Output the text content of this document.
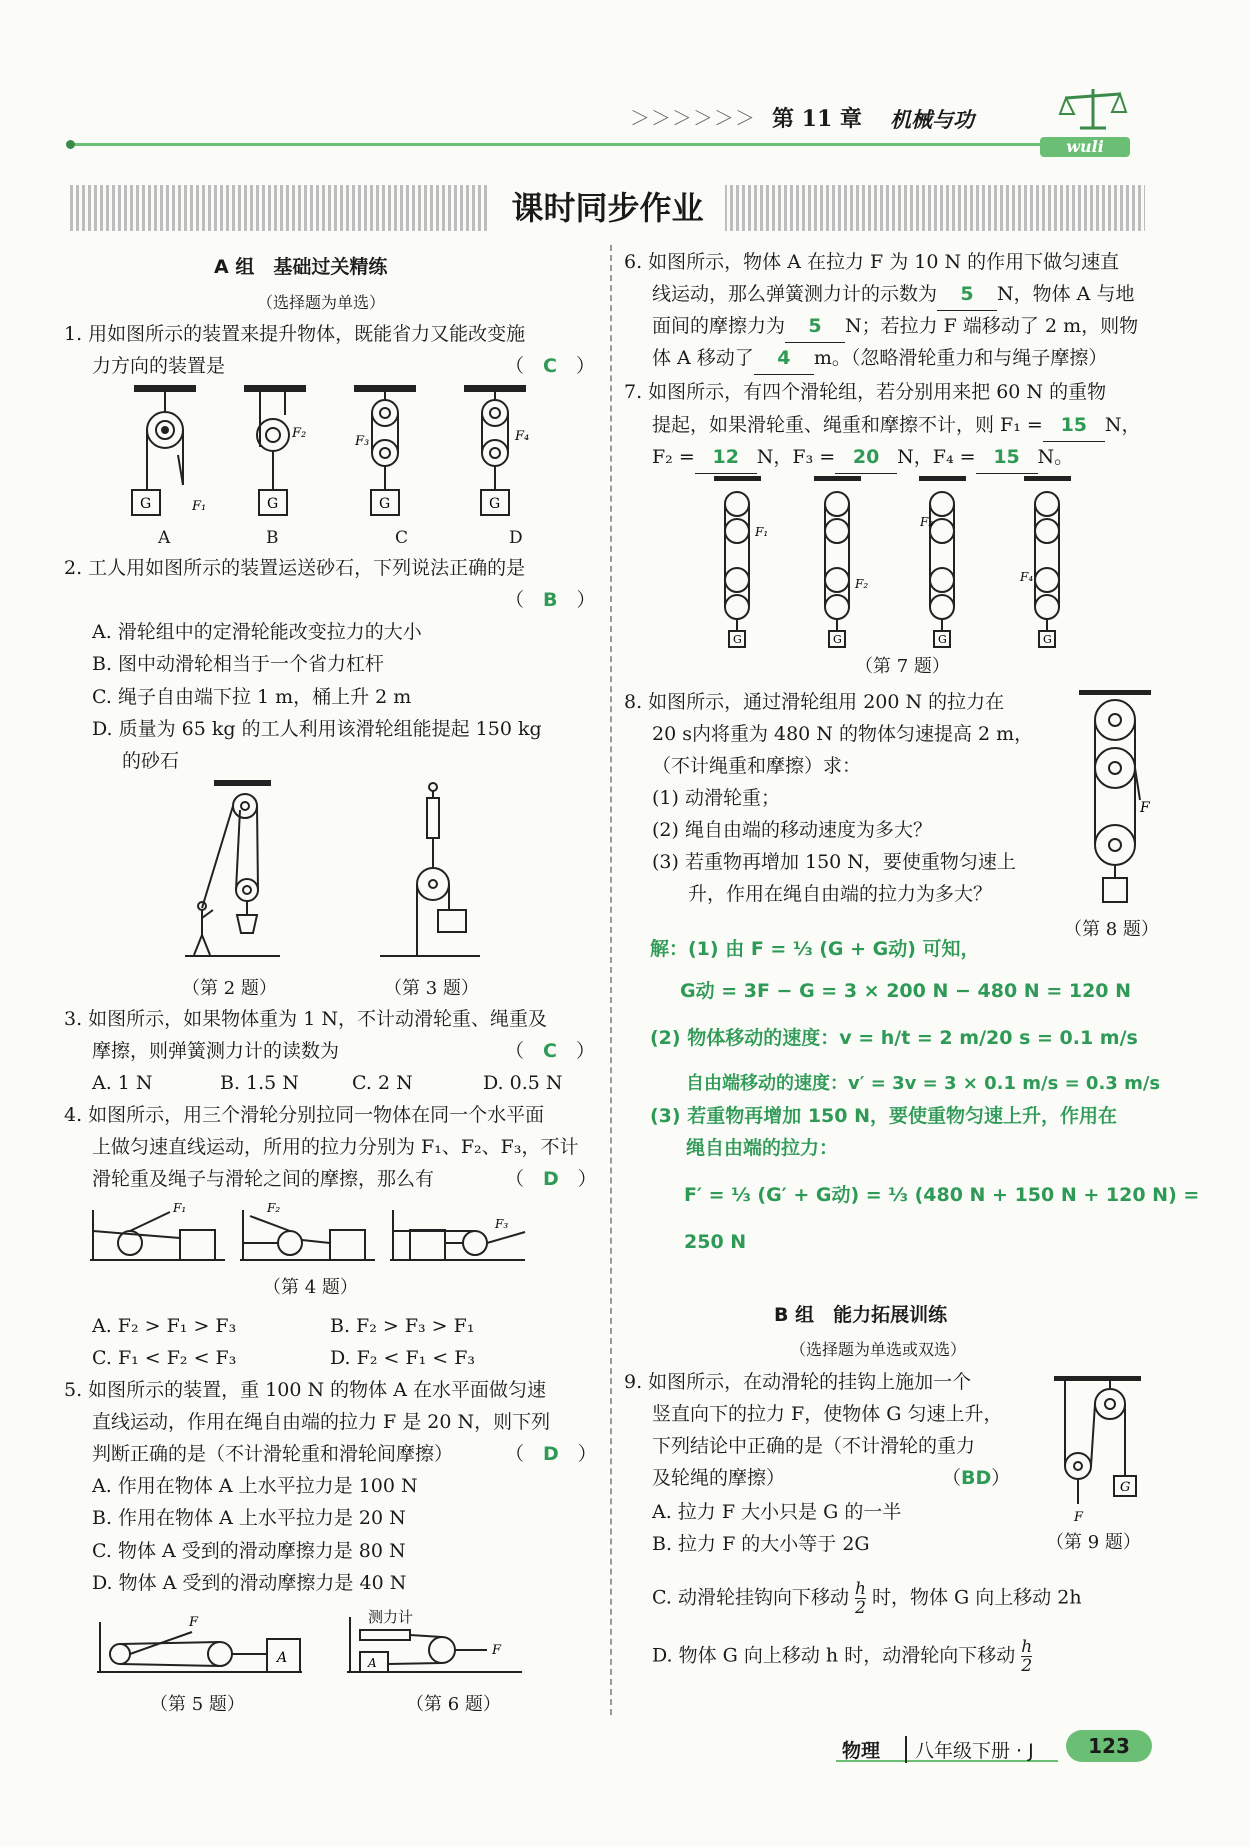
＞＞＞＞＞＞ 第 11 章 机械与功
wuli
课时同步作业
A 组　基础过关精练
（选择题为单选）
1. 用如图所示的装置来提升物体，既能省力又能改变施
力方向的装置是	（　C　）
G	G	G	G
F₁
F₂
F₃	F₄
A	B	C	D
2. 工人用如图所示的装置运送砂石，下列说法正确的是
（　B　）
A. 滑轮组中的定滑轮能改变拉力的大小
B. 图中动滑轮相当于一个省力杠杆
C. 绳子自由端下拉 1 m，桶上升 2 m
D. 质量为 65 kg 的工人利用该滑轮组能提起 150 kg
的砂石
（第 2 题）	（第 3 题）
3. 如图所示，如果物体重为 1 N，不计动滑轮重、绳重及
摩擦，则弹簧测力计的读数为	（　C　）
A. 1 N	B. 1.5 N	C. 2 N	D. 0.5 N
4. 如图所示，用三个滑轮分别拉同一物体在同一个水平面
上做匀速直线运动，所用的拉力分别为 F₁、F₂、F₃，不计
滑轮重及绳子与滑轮之间的摩擦，那么有	（　D　）
F₁	F₂
F₃
（第 4 题）
A. F₂ > F₁ > F₃	B. F₂ > F₃ > F₁
C. F₁ < F₂ < F₃	D. F₂ < F₁ < F₃
5. 如图所示的装置，重 100 N 的物体 A 在水平面做匀速
直线运动，作用在绳自由端的拉力 F 是 20 N，则下列
判断正确的是（不计滑轮重和滑轮间摩擦）	（　D　）
A. 作用在物体 A 上水平拉力是 100 N
B. 作用在物体 A 上水平拉力是 20 N
C. 物体 A 受到的滑动摩擦力是 80 N
D. 物体 A 受到的滑动摩擦力是 40 N
F
A	A
F
测力计
（第 5 题）	（第 6 题）
6. 如图所示，物体 A 在拉力 F 为 10 N 的作用下做匀速直
线运动，那么弹簧测力计的示数为 5 N，物体 A 与地
面间的摩擦力为 5 N；若拉力 F 端移动了 2 m，则物
体 A 移动了 4 m。（忽略滑轮重力和与绳子摩擦）
7. 如图所示，有四个滑轮组，若分别用来把 60 N 的重物
提起，如果滑轮重、绳重和摩擦不计，则 F₁ = 15 N，
F₂ = 12 N，F₃ = 20 N，F₄ = 15 N。
F₁
F₂
F₃
F₄
G	G	G	G
（第 7 题）
8. 如图所示，通过滑轮组用 200 N 的拉力在
20 s内将重为 480 N 的物体匀速提高 2 m，
（不计绳重和摩擦）求：
(1) 动滑轮重；
(2) 绳自由端的移动速度为多大？
(3) 若重物再增加 150 N，要使重物匀速上
升，作用在绳自由端的拉力为多大？
F
（第 8 题）
解：(1) 由 F = ⅓ (G + G动) 可知，
G动 = 3F − G = 3 × 200 N − 480 N = 120 N
(2) 物体移动的速度：v = h/t = 2 m/20 s = 0.1 m/s
自由端移动的速度：v′ = 3v = 3 × 0.1 m/s = 0.3 m/s
(3) 若重物再增加 150 N，要使重物匀速上升，作用在
绳自由端的拉力：
F′ = ⅓ (G′ + G动) = ⅓ (480 N + 150 N + 120 N) =
250 N
B 组　能力拓展训练
（选择题为单选或双选）
9. 如图所示，在动滑轮的挂钩上施加一个
竖直向下的拉力 F，使物体 G 匀速上升，
下列结论中正确的是（不计滑轮的重力
及轮绳的摩擦）	（BD）
A. 拉力 F 大小只是 G 的一半
B. 拉力 F 的大小等于 2G
C. 动滑轮挂钩向下移动 $\frac{h}{2}$ 时，物体 G 向上移动 2h
D. 物体 G 向上移动 h 时，动滑轮向下移动 $\frac{h}{2}$
G
F
（第 9 题）
物理	八年级下册 · J	123
